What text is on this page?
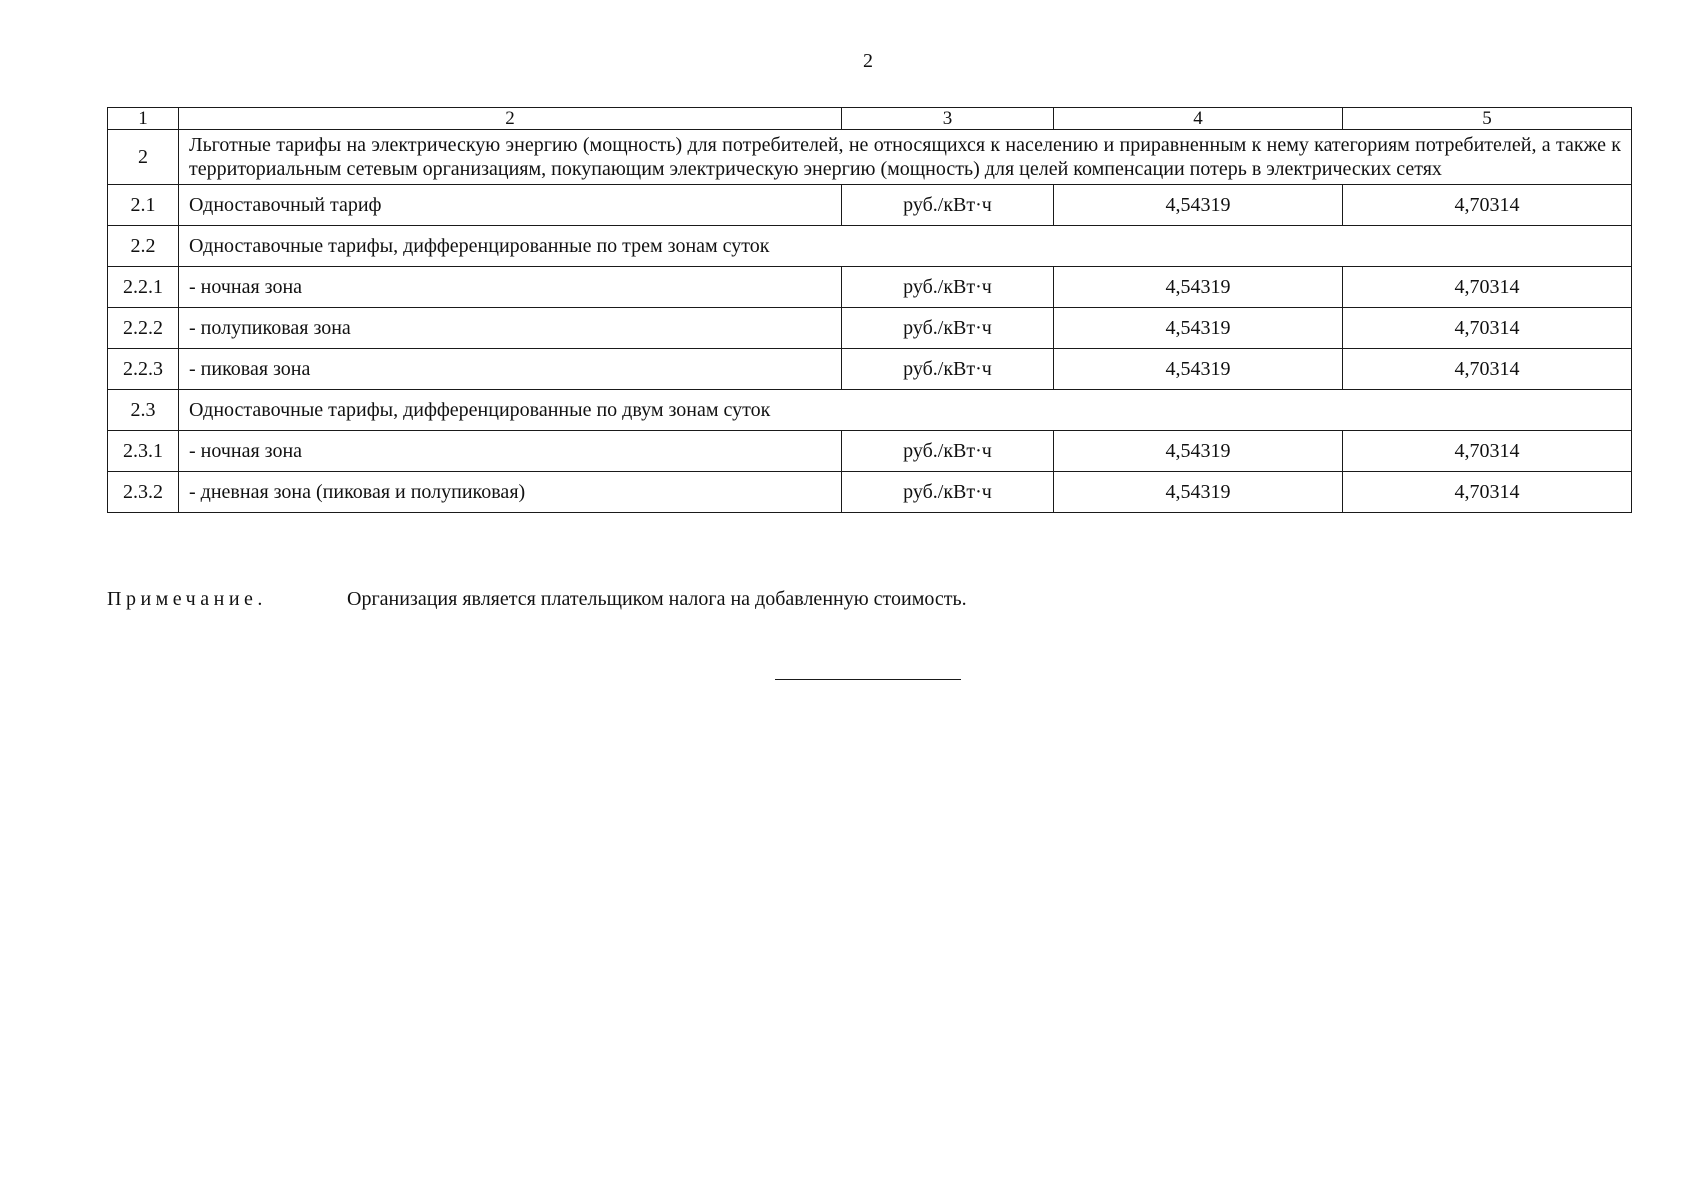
2
1	2	3	4	5
2	Льготные тарифы на электрическую энергию (мощность) для потребителей, не относящихся к населению и приравненным к нему категориям потребителей, а также к территориальным сетевым организациям, покупающим электрическую энергию (мощность) для целей компенсации потерь в электрических сетях			
2.1	Одноставочный тариф	руб./кВт·ч	4,54319	4,70314
2.2	Одноставочные тарифы, дифференцированные по трем зонам суток			
2.2.1	- ночная зона	руб./кВт·ч	4,54319	4,70314
2.2.2	- полупиковая зона	руб./кВт·ч	4,54319	4,70314
2.2.3	- пиковая зона	руб./кВт·ч	4,54319	4,70314
2.3	Одноставочные тарифы, дифференцированные по двум зонам суток			
2.3.1	- ночная зона	руб./кВт·ч	4,54319	4,70314
2.3.2	- дневная зона (пиковая и полупиковая)	руб./кВт·ч	4,54319	4,70314
Примечание.	Организация является плательщиком налога на добавленную стоимость.
